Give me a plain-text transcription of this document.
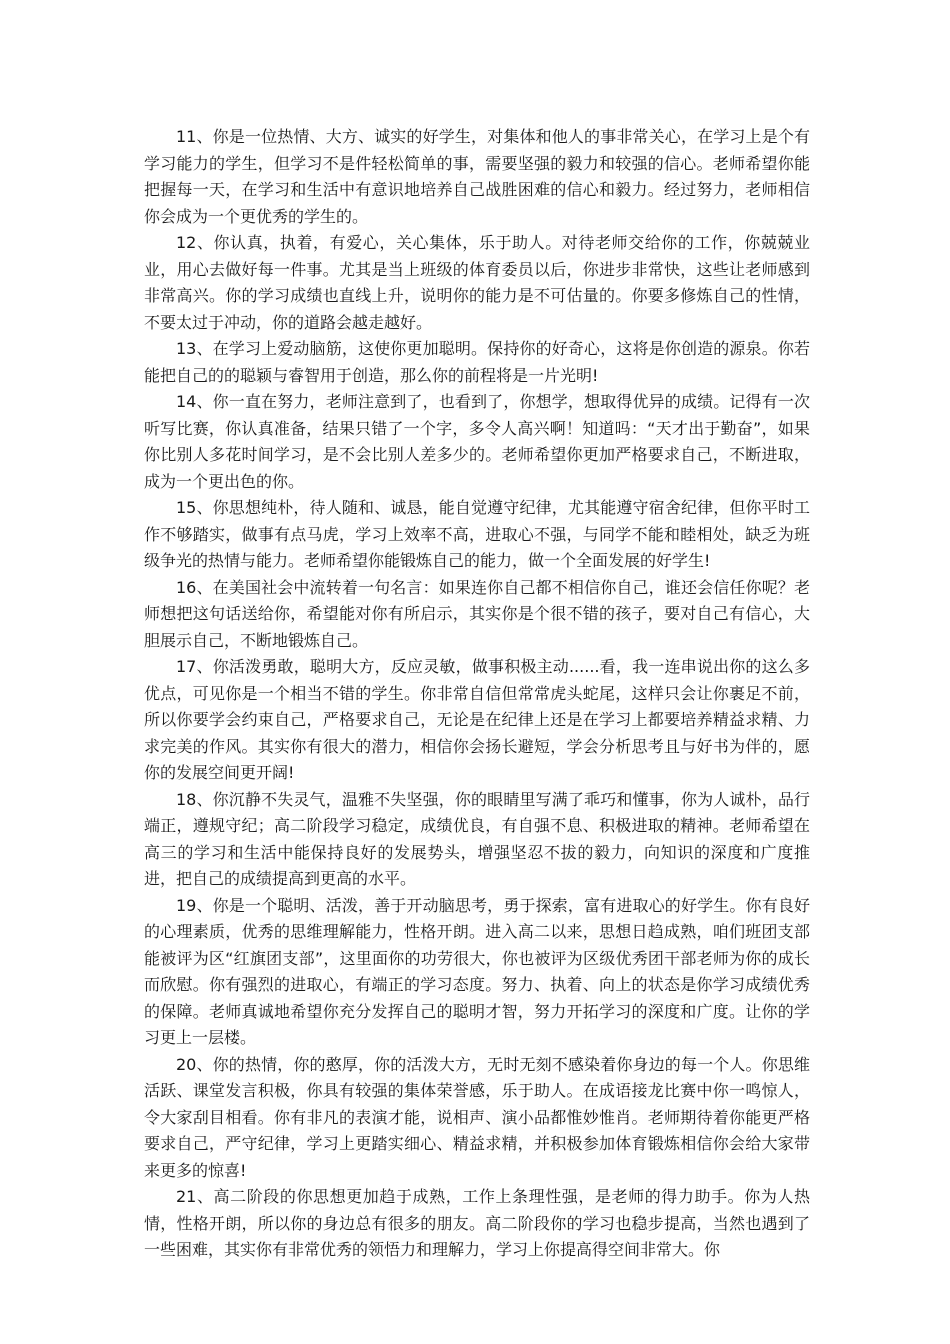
11、你是一位热情、大方、诚实的好学生，对集体和他人的事非常关心，在学习上是个有学习能力的学生，但学习不是件轻松简单的事，需要坚强的毅力和较强的信心。老师希望你能把握每一天，在学习和生活中有意识地培养自己战胜困难的信心和毅力。经过努力，老师相信你会成为一个更优秀的学生的。

12、你认真，执着，有爱心，关心集体，乐于助人。对待老师交给你的工作，你兢兢业业，用心去做好每一件事。尤其是当上班级的体育委员以后，你进步非常快，这些让老师感到非常高兴。你的学习成绩也直线上升，说明你的能力是不可估量的。你要多修炼自己的性情，不要太过于冲动，你的道路会越走越好。

13、在学习上爱动脑筋，这使你更加聪明。保持你的好奇心，这将是你创造的源泉。你若能把自己的的聪颖与睿智用于创造，那么你的前程将是一片光明!

14、你一直在努力，老师注意到了，也看到了，你想学，想取得优异的成绩。记得有一次听写比赛，你认真准备，结果只错了一个字，多令人高兴啊！知道吗：“天才出于勤奋”，如果你比别人多花时间学习，是不会比别人差多少的。老师希望你更加严格要求自己，不断进取，成为一个更出色的你。

15、你思想纯朴，待人随和、诚恳，能自觉遵守纪律，尤其能遵守宿舍纪律，但你平时工作不够踏实，做事有点马虎，学习上效率不高，进取心不强，与同学不能和睦相处，缺乏为班级争光的热情与能力。老师希望你能锻炼自己的能力，做一个全面发展的好学生!

16、在美国社会中流转着一句名言：如果连你自己都不相信你自己，谁还会信任你呢？老师想把这句话送给你，希望能对你有所启示，其实你是个很不错的孩子，要对自己有信心，大胆展示自己，不断地锻炼自己。

17、你活泼勇敢，聪明大方，反应灵敏，做事积极主动......看，我一连串说出你的这么多优点，可见你是一个相当不错的学生。你非常自信但常常虎头蛇尾，这样只会让你裹足不前，所以你要学会约束自己，严格要求自己，无论是在纪律上还是在学习上都要培养精益求精、力求完美的作风。其实你有很大的潜力，相信你会扬长避短，学会分析思考且与好书为伴的，愿你的发展空间更开阔!

18、你沉静不失灵气，温雅不失坚强，你的眼睛里写满了乖巧和懂事，你为人诚朴，品行端正，遵规守纪；高二阶段学习稳定，成绩优良，有自强不息、积极进取的精神。老师希望在高三的学习和生活中能保持良好的发展势头，增强坚忍不拔的毅力，向知识的深度和广度推进，把自己的成绩提高到更高的水平。

19、你是一个聪明、活泼，善于开动脑思考，勇于探索，富有进取心的好学生。你有良好的心理素质，优秀的思维理解能力，性格开朗。进入高二以来，思想日趋成熟，咱们班团支部能被评为区“红旗团支部”，这里面你的功劳很大，你也被评为区级优秀团干部老师为你的成长而欣慰。你有强烈的进取心，有端正的学习态度。努力、执着、向上的状态是你学习成绩优秀的保障。老师真诚地希望你充分发挥自己的聪明才智，努力开拓学习的深度和广度。让你的学习更上一层楼。

20、你的热情，你的憨厚，你的活泼大方，无时无刻不感染着你身边的每一个人。你思维活跃、课堂发言积极，你具有较强的集体荣誉感，乐于助人。在成语接龙比赛中你一鸣惊人，令大家刮目相看。你有非凡的表演才能，说相声、演小品都惟妙惟肖。老师期待着你能更严格要求自己，严守纪律，学习上更踏实细心、精益求精，并积极参加体育锻炼相信你会给大家带来更多的惊喜!

21、高二阶段的你思想更加趋于成熟，工作上条理性强，是老师的得力助手。你为人热情，性格开朗，所以你的身边总有很多的朋友。高二阶段你的学习也稳步提高，当然也遇到了一些困难，其实你有非常优秀的领悟力和理解力，学习上你提高得空间非常大。你
